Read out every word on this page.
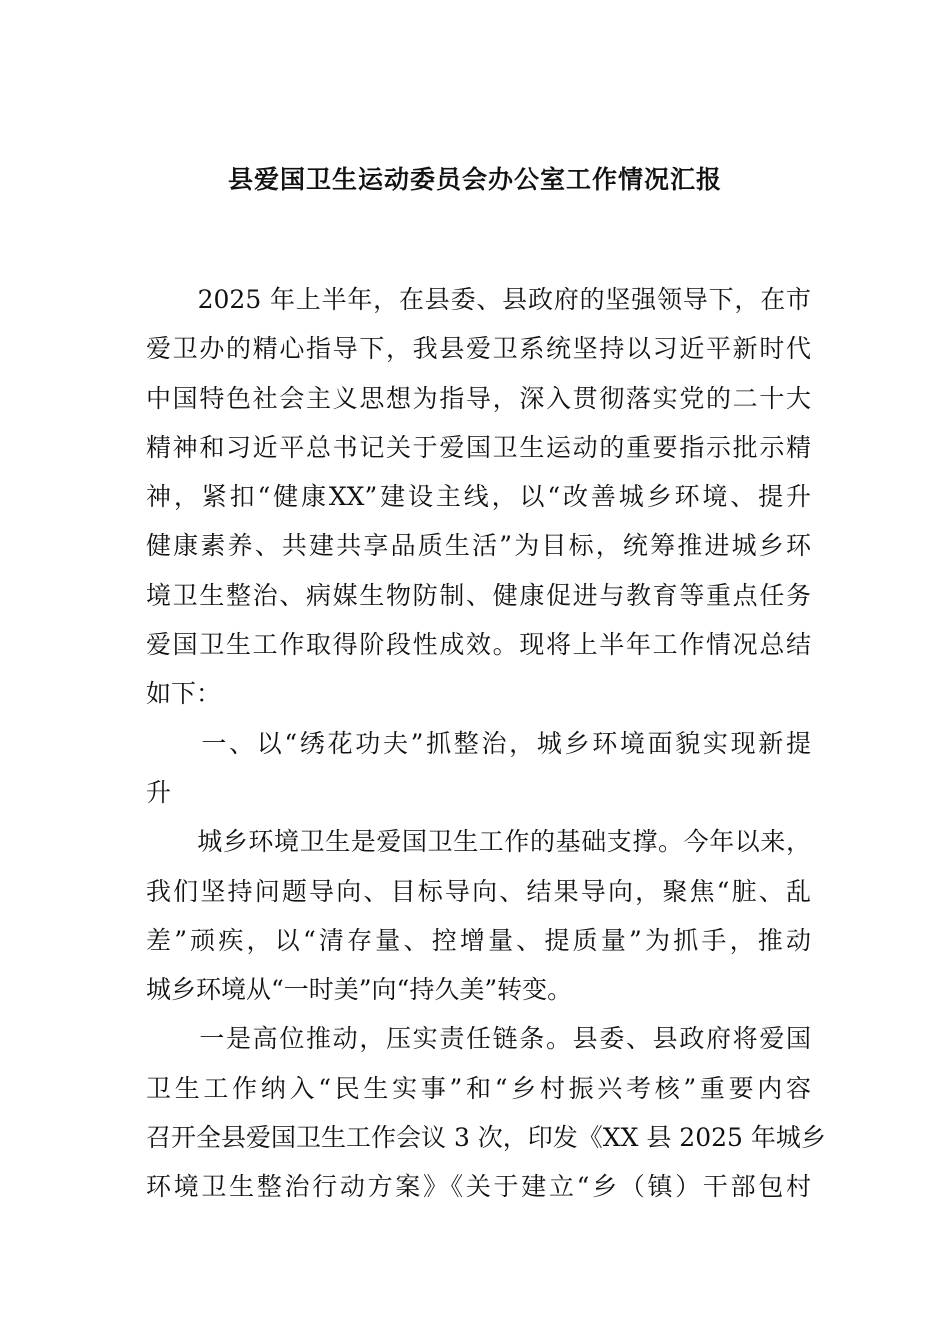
县爱国卫生运动委员会办公室工作情况汇报
　　2025 年上半年，在县委、县政府的坚强领导下，在市
爱卫办的精心指导下，我县爱卫系统坚持以习近平新时代
中国特色社会主义思想为指导，深入贯彻落实党的二十大
精神和习近平总书记关于爱国卫生运动的重要指示批示精
神，紧扣“健康XX”建设主线，以“改善城乡环境、提升
健康素养、共建共享品质生活”为目标，统筹推进城乡环
境卫生整治、病媒生物防制、健康促进与教育等重点任务
爱国卫生工作取得阶段性成效。现将上半年工作情况总结
如下：
　　一、以“绣花功夫”抓整治，城乡环境面貌实现新提
升
　　城乡环境卫生是爱国卫生工作的基础支撑。今年以来，
我们坚持问题导向、目标导向、结果导向，聚焦“脏、乱
差”顽疾，以“清存量、控增量、提质量”为抓手，推动
城乡环境从“一时美”向“持久美”转变。
　　一是高位推动，压实责任链条。县委、县政府将爱国
卫生工作纳入“民生实事”和“乡村振兴考核”重要内容
召开全县爱国卫生工作会议 3 次，印发《XX 县 2025 年城乡
环境卫生整治行动方案》《关于建立“乡（镇）干部包村
